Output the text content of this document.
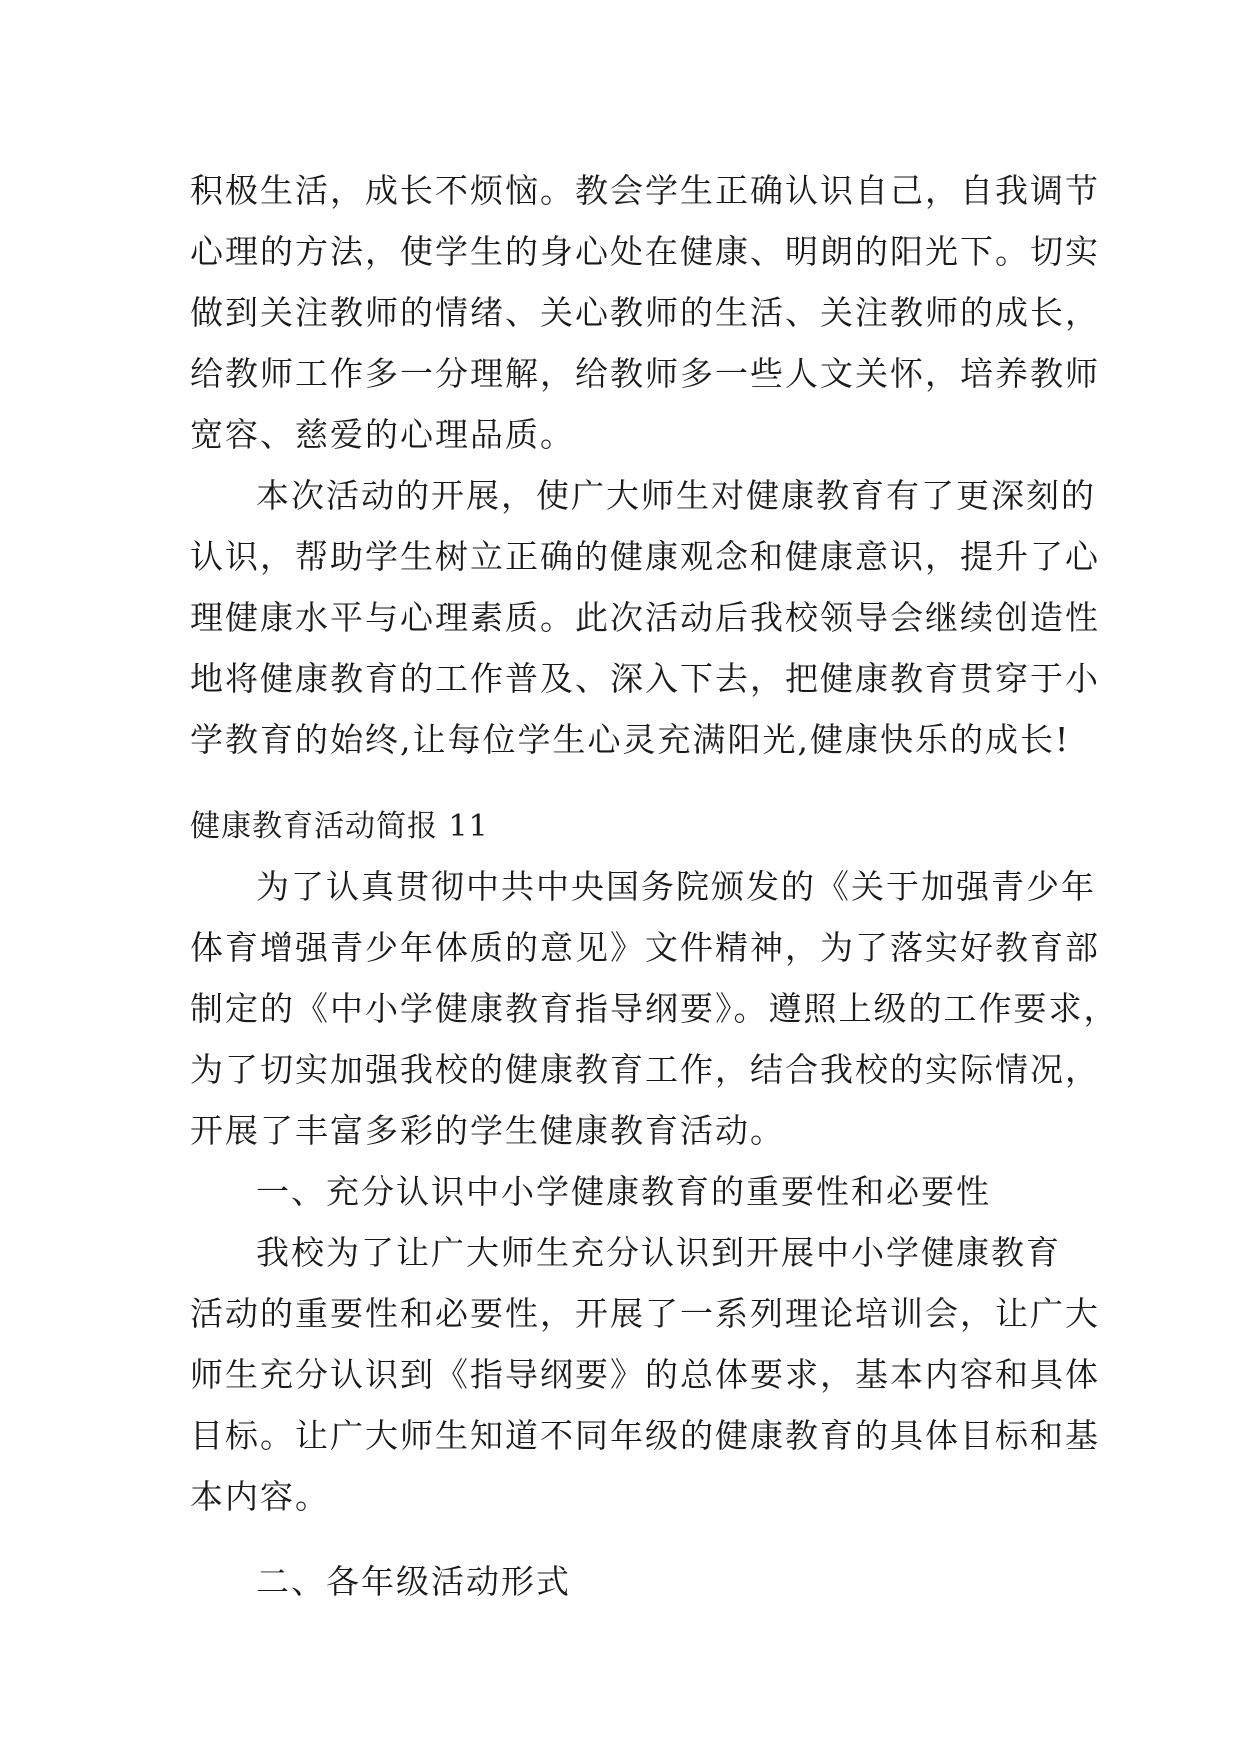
积极生活，成长不烦恼。教会学生正确认识自己，自我调节
心理的方法，使学生的身心处在健康、明朗的阳光下。切实
做到关注教师的情绪、关心教师的生活、关注教师的成长，
给教师工作多一分理解，给教师多一些人文关怀，培养教师
宽容、慈爱的心理品质。
本次活动的开展，使广大师生对健康教育有了更深刻的
认识，帮助学生树立正确的健康观念和健康意识，提升了心
理健康水平与心理素质。此次活动后我校领导会继续创造性
地将健康教育的工作普及、深入下去，把健康教育贯穿于小
学教育的始终,让每位学生心灵充满阳光,健康快乐的成长!
健康教育活动简报 11
为了认真贯彻中共中央国务院颁发的《关于加强青少年
体育增强青少年体质的意见》文件精神，为了落实好教育部
制定的《中小学健康教育指导纲要》。遵照上级的工作要求，
为了切实加强我校的健康教育工作，结合我校的实际情况，
开展了丰富多彩的学生健康教育活动。
一、充分认识中小学健康教育的重要性和必要性
我校为了让广大师生充分认识到开展中小学健康教育
活动的重要性和必要性，开展了一系列理论培训会，让广大
师生充分认识到《指导纲要》的总体要求，基本内容和具体
目标。让广大师生知道不同年级的健康教育的具体目标和基
本内容。
二、各年级活动形式
